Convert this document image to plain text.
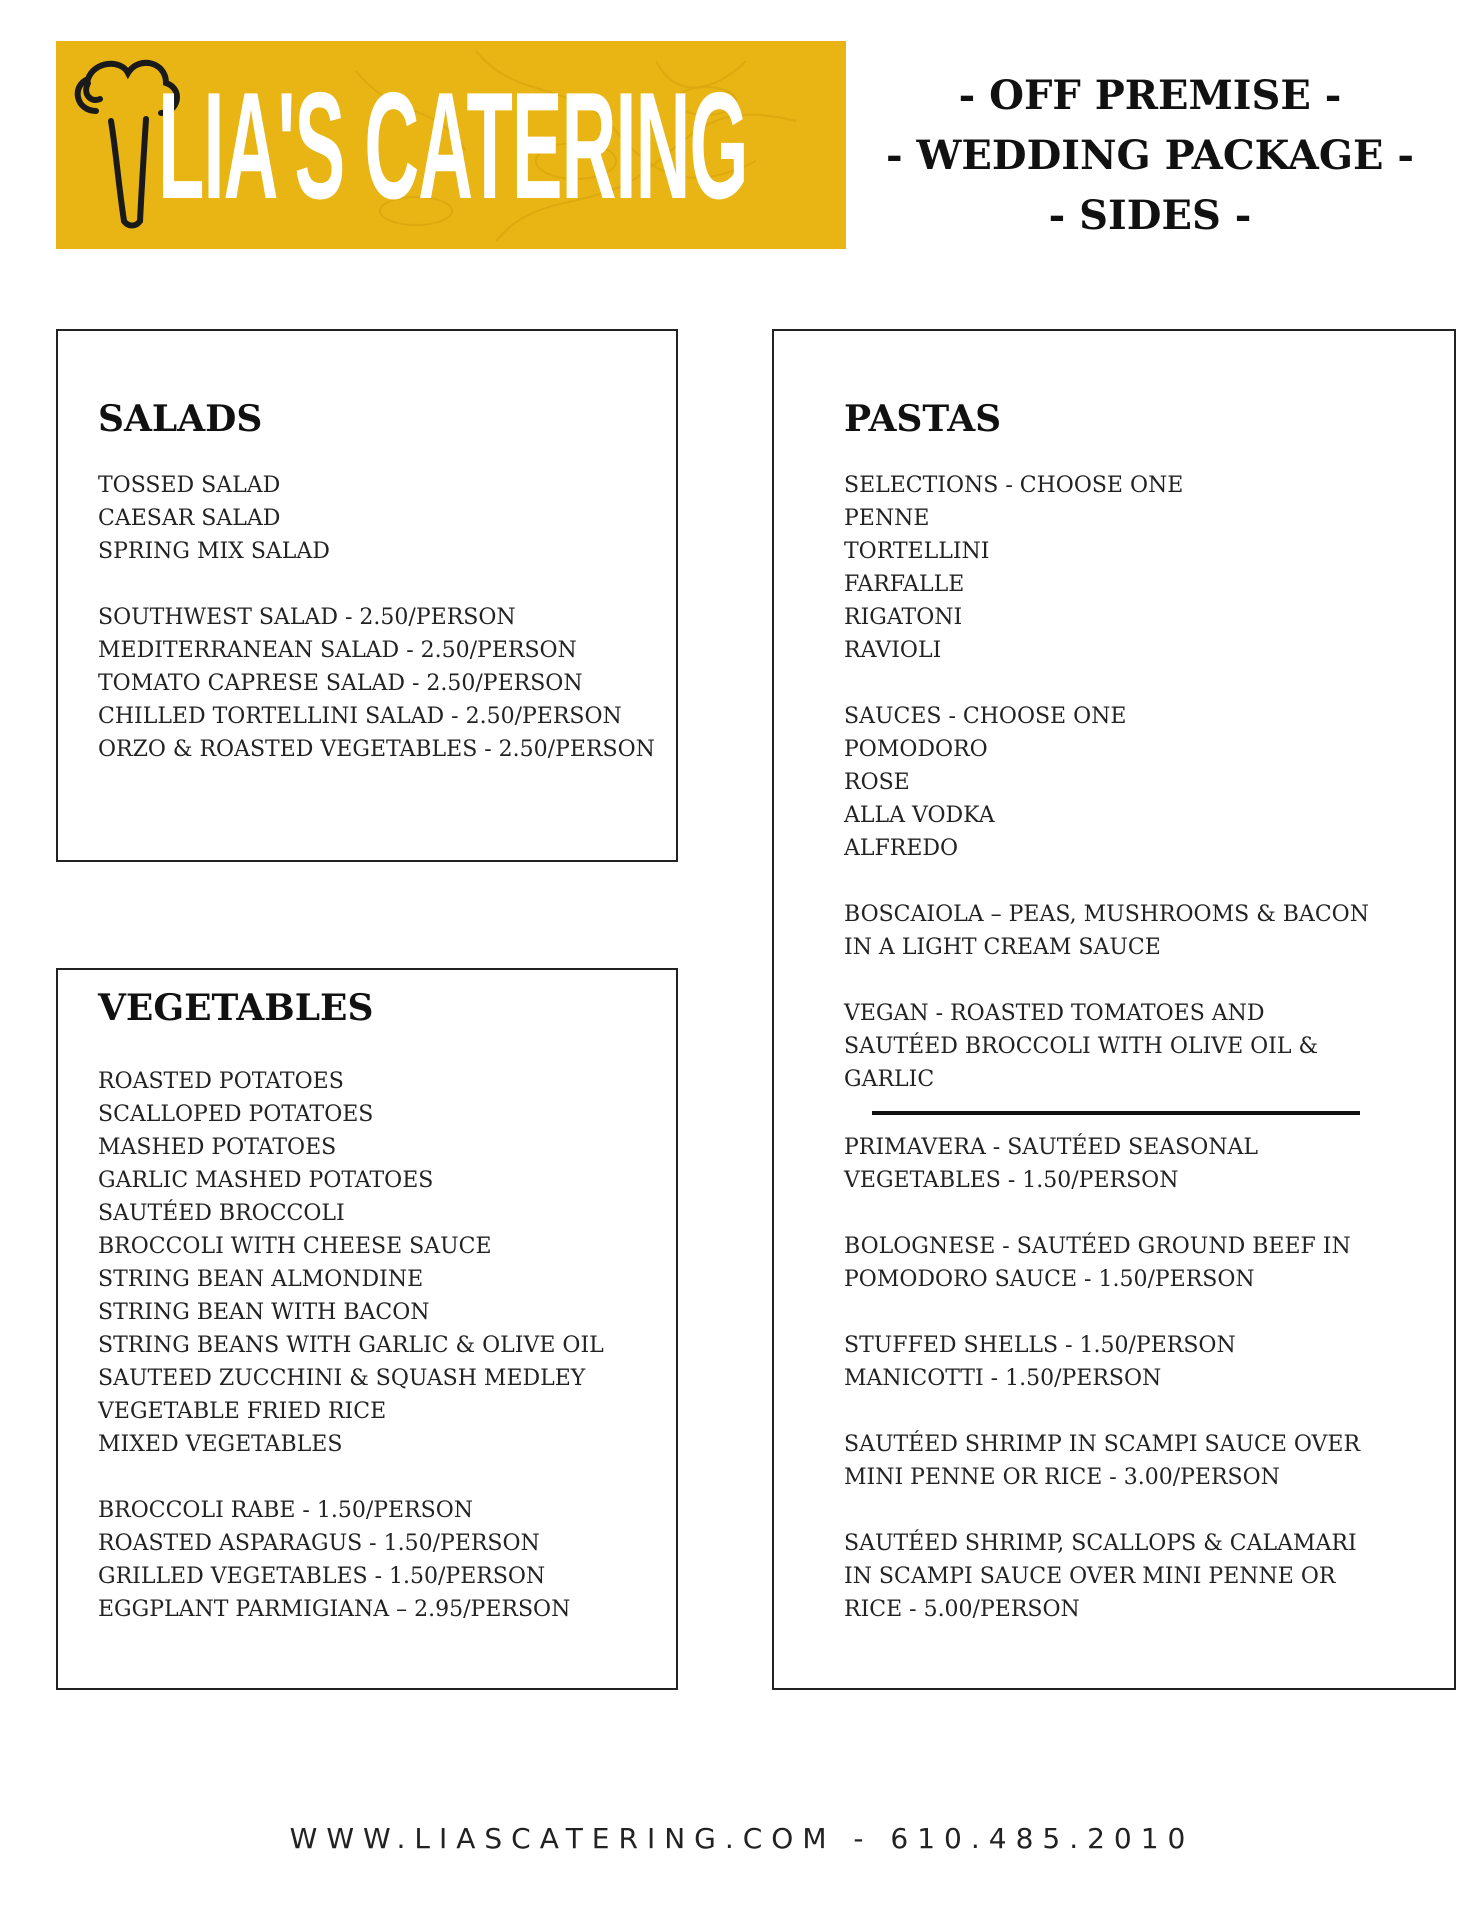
LIA'S CATERING	- OFF PREMISE -
- WEDDING PACKAGE -
- SIDES -
SALADS
TOSSED SALAD
CAESAR SALAD
SPRING MIX SALAD
SOUTHWEST SALAD - 2.50/PERSON
MEDITERRANEAN SALAD - 2.50/PERSON
TOMATO CAPRESE SALAD - 2.50/PERSON
CHILLED TORTELLINI SALAD - 2.50/PERSON
ORZO & ROASTED VEGETABLES - 2.50/PERSON
VEGETABLES
ROASTED POTATOES
SCALLOPED POTATOES
MASHED POTATOES
GARLIC MASHED POTATOES
SAUTÉED BROCCOLI
BROCCOLI WITH CHEESE SAUCE
STRING BEAN ALMONDINE
STRING BEAN WITH BACON
STRING BEANS WITH GARLIC & OLIVE OIL
SAUTEED ZUCCHINI & SQUASH MEDLEY
VEGETABLE FRIED RICE
MIXED VEGETABLES
BROCCOLI RABE - 1.50/PERSON
ROASTED ASPARAGUS - 1.50/PERSON
GRILLED VEGETABLES - 1.50/PERSON
EGGPLANT PARMIGIANA – 2.95/PERSON
PASTAS
SELECTIONS - CHOOSE ONE
PENNE
TORTELLINI
FARFALLE
RIGATONI
RAVIOLI
SAUCES - CHOOSE ONE
POMODORO
ROSE
ALLA VODKA
ALFREDO
BOSCAIOLA – PEAS, MUSHROOMS & BACON
IN A LIGHT CREAM SAUCE
VEGAN - ROASTED TOMATOES AND
SAUTÉED BROCCOLI WITH OLIVE OIL &
GARLIC
PRIMAVERA - SAUTÉED SEASONAL
VEGETABLES - 1.50/PERSON
BOLOGNESE - SAUTÉED GROUND BEEF IN
POMODORO SAUCE - 1.50/PERSON
STUFFED SHELLS - 1.50/PERSON
MANICOTTI - 1.50/PERSON
SAUTÉED SHRIMP IN SCAMPI SAUCE OVER
MINI PENNE OR RICE - 3.00/PERSON
SAUTÉED SHRIMP, SCALLOPS & CALAMARI
IN SCAMPI SAUCE OVER MINI PENNE OR
RICE - 5.00/PERSON
WWW.LIASCATERING.COM - 610.485.2010
